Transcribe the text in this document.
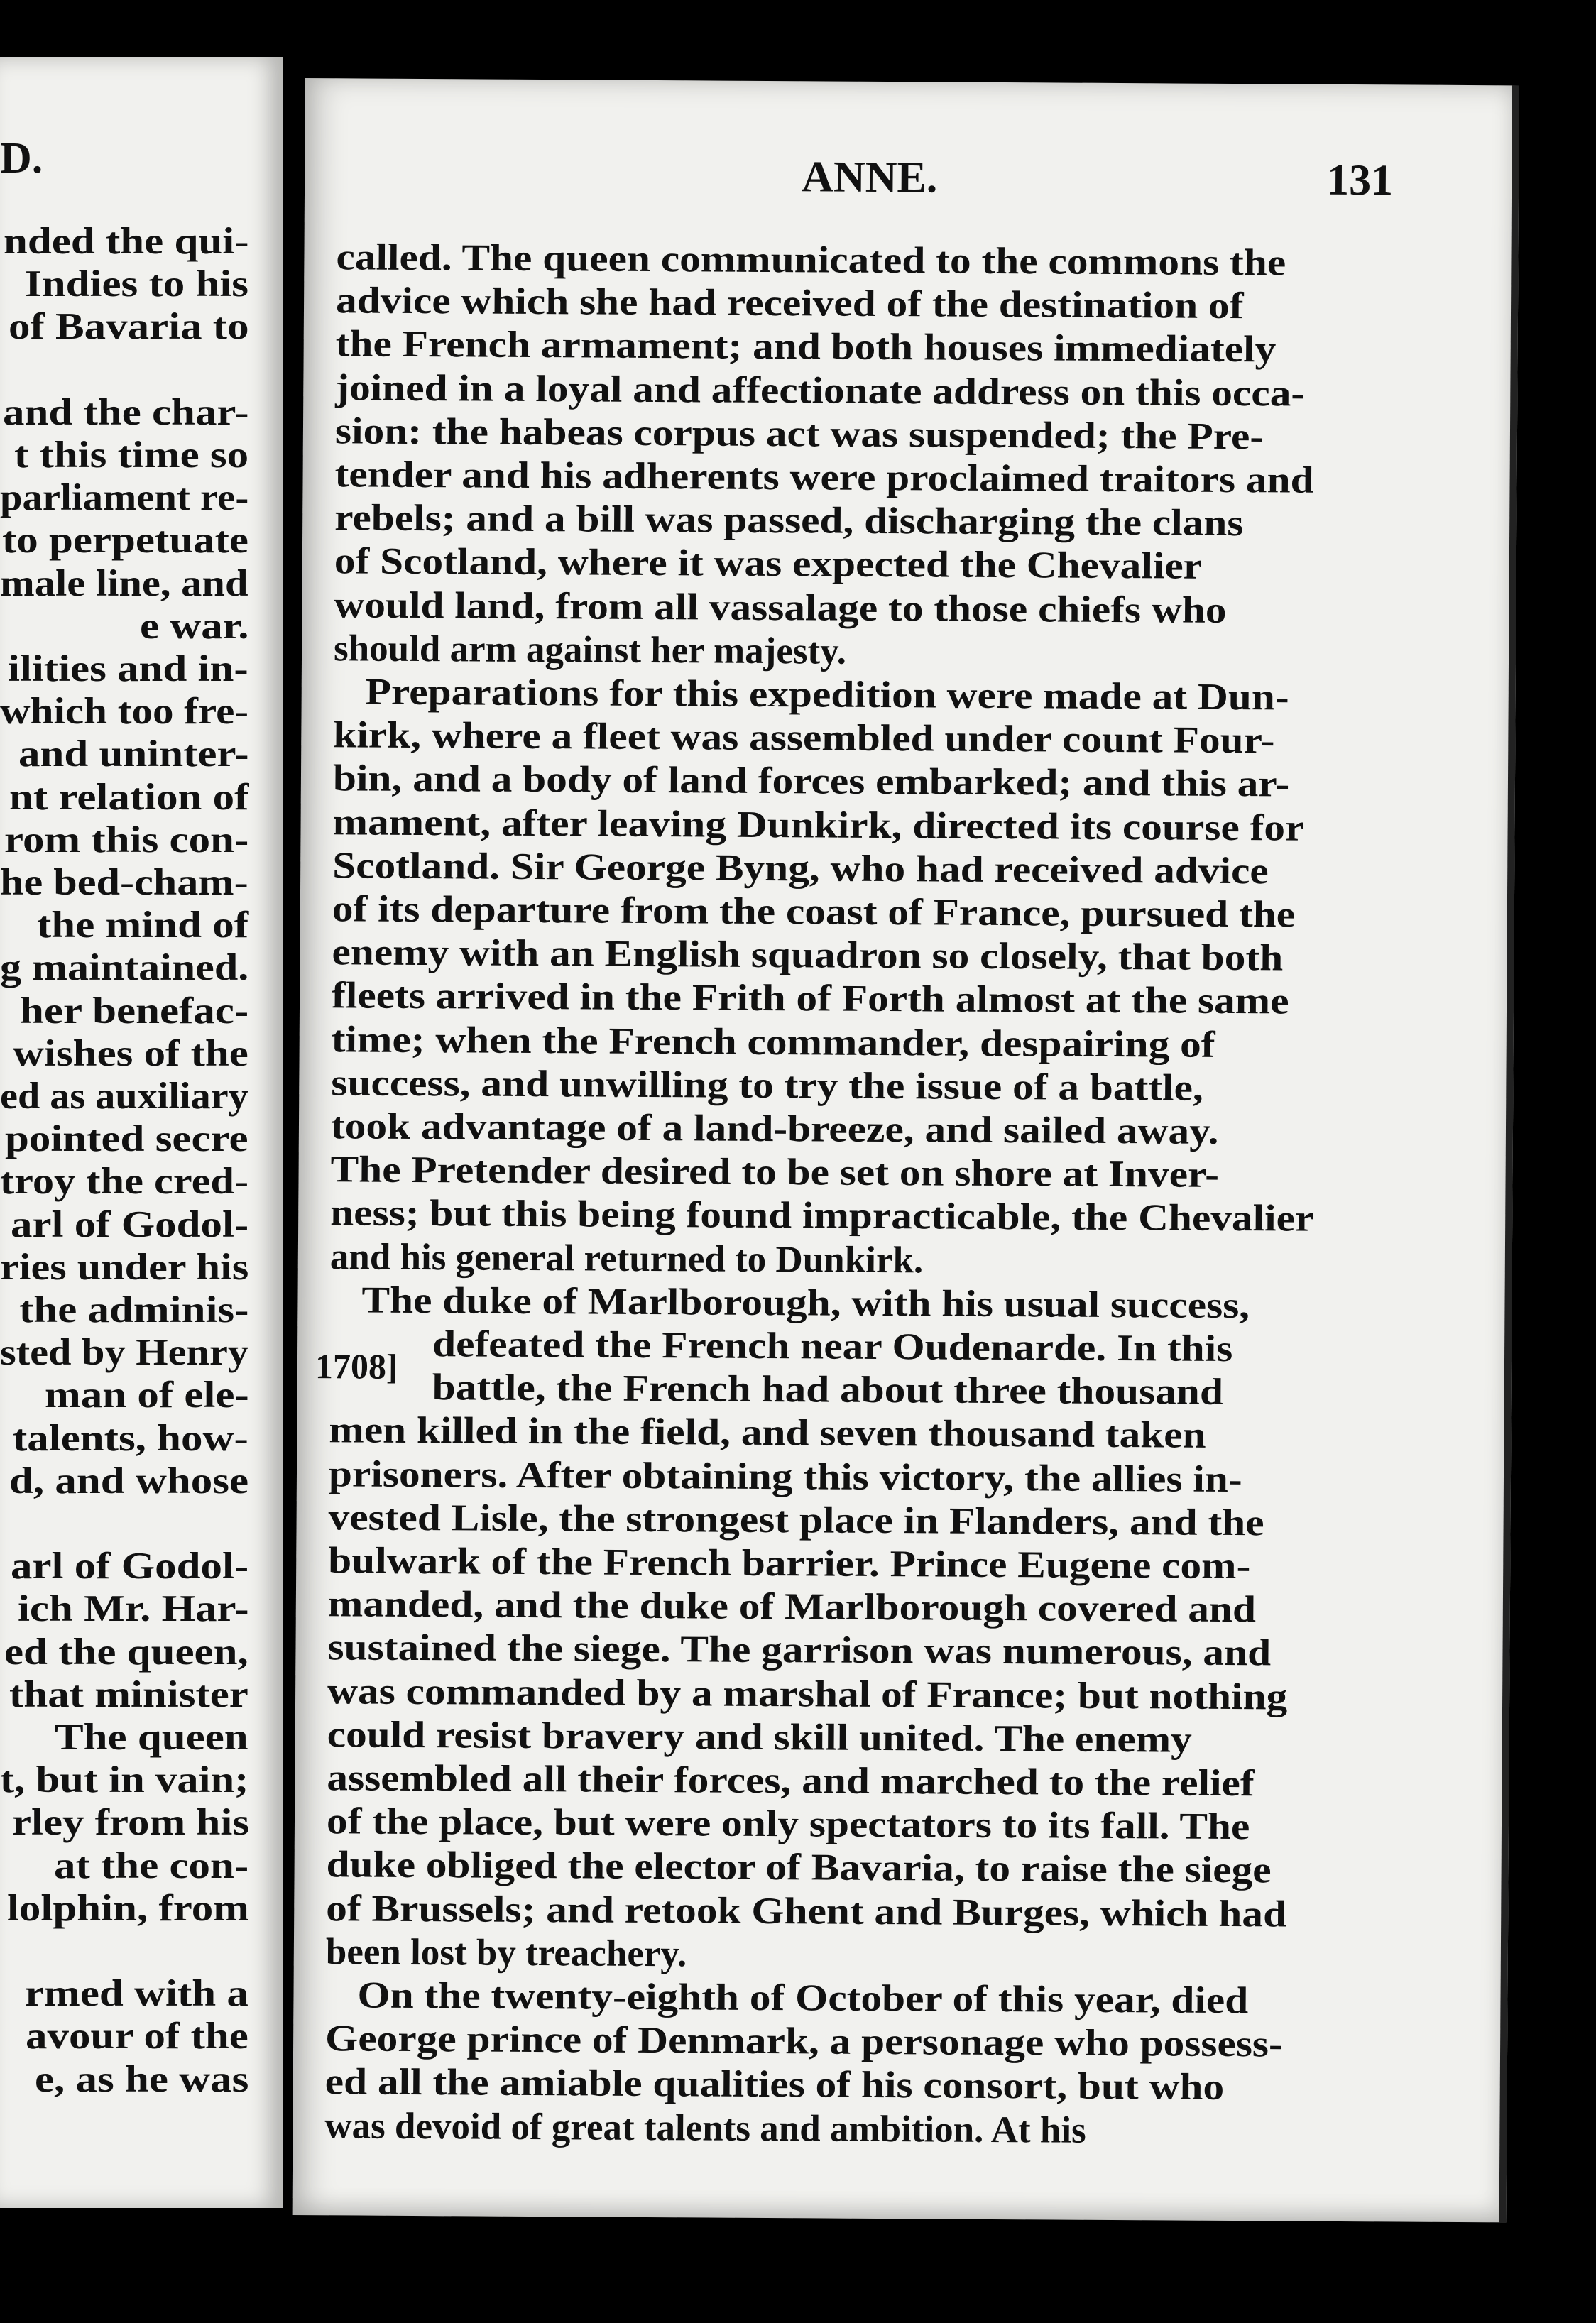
D.
nded the qui-
Indies to his
of Bavaria to
and the char-
t this time so
parliament re-
to perpetuate
male line, and
e war.
ilities and in-
which too fre-
and uninter-
nt relation of
rom this con-
he bed-cham-
the mind of
g maintained.
her benefac-
wishes of the
ed as auxiliary
pointed secre
troy the cred-
arl of Godol-
ries under his
the adminis-
sted by Henry
man of ele-
talents, how-
d, and whose
arl of Godol-
ich Mr. Har-
ed the queen,
that minister
The queen
t, but in vain;
rley from his
at the con-
lolphin, from
rmed with a
avour of the
e, as he was
ANNE.	131
1708]
called. The queen communicated to the commons the
advice which she had received of the destination of
the French armament; and both houses immediately
joined in a loyal and affectionate address on this occa-
sion: the habeas corpus act was suspended; the Pre-
tender and his adherents were proclaimed traitors and
rebels; and a bill was passed, discharging the clans
of Scotland, where it was expected the Chevalier
would land, from all vassalage to those chiefs who
should arm against her majesty.
Preparations for this expedition were made at Dun-
kirk, where a fleet was assembled under count Four-
bin, and a body of land forces embarked; and this ar-
mament, after leaving Dunkirk, directed its course for
Scotland. Sir George Byng, who had received advice
of its departure from the coast of France, pursued the
enemy with an English squadron so closely, that both
fleets arrived in the Frith of Forth almost at the same
time; when the French commander, despairing of
success, and unwilling to try the issue of a battle,
took advantage of a land-breeze, and sailed away.
The Pretender desired to be set on shore at Inver-
ness; but this being found impracticable, the Chevalier
and his general returned to Dunkirk.
The duke of Marlborough, with his usual success,
defeated the French near Oudenarde. In this
battle, the French had about three thousand
men killed in the field, and seven thousand taken
prisoners. After obtaining this victory, the allies in-
vested Lisle, the strongest place in Flanders, and the
bulwark of the French barrier. Prince Eugene com-
manded, and the duke of Marlborough covered and
sustained the siege. The garrison was numerous, and
was commanded by a marshal of France; but nothing
could resist bravery and skill united. The enemy
assembled all their forces, and marched to the relief
of the place, but were only spectators to its fall. The
duke obliged the elector of Bavaria, to raise the siege
of Brussels; and retook Ghent and Burges, which had
been lost by treachery.
On the twenty-eighth of October of this year, died
George prince of Denmark, a personage who possess-
ed all the amiable qualities of his consort, but who
was devoid of great talents and ambition. At his
